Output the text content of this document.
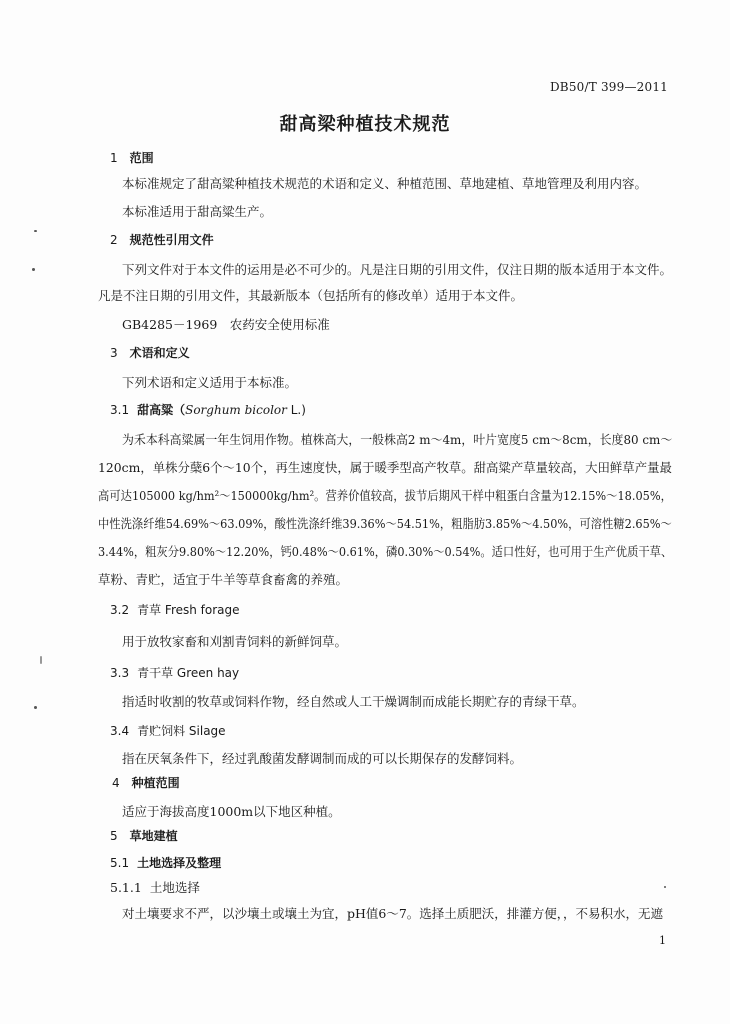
DB50/T 399—2011
甜高梁种植技术规范
1 范围
本标准规定了甜高粱种植技术规范的术语和定义、种植范围、草地建植、草地管理及利用内容。
本标准适用于甜高粱生产。
2 规范性引用文件
下列文件对于本文件的运用是必不可少的。凡是注日期的引用文件，仅注日期的版本适用于本文件。
凡是不注日期的引用文件，其最新版本（包括所有的修改单）适用于本文件。
GB4285－1969　农药安全使用标准
3 术语和定义
下列术语和定义适用于本标准。
3.1 甜高粱（Sorghum bicolor L.)
为禾本科高粱属一年生饲用作物。植株高大，一般株高2 m～4m，叶片宽度5 cm～8cm，长度80 cm～
120cm，单株分蘖6个～10个，再生速度快，属于暖季型高产牧草。甜高粱产草量较高，大田鲜草产量最
高可达105000 kg/hm²～150000kg/hm²。营养价值较高，拔节后期风干样中粗蛋白含量为12.15%～18.05%，
中性洗涤纤维54.69%～63.09%，酸性洗涤纤维39.36%～54.51%，粗脂肪3.85%～4.50%，可溶性糖2.65%～
3.44%，粗灰分9.80%～12.20%，钙0.48%～0.61%，磷0.30%～0.54%。适口性好，也可用于生产优质干草、
草粉、青贮，适宜于牛羊等草食畜禽的养殖。
3.2 青草 Fresh forage
用于放牧家畜和刈割青饲料的新鲜饲草。
3.3 青干草 Green hay
指适时收割的牧草或饲料作物，经自然或人工干燥调制而成能长期贮存的青绿干草。
3.4 青贮饲料 Silage
指在厌氧条件下，经过乳酸菌发酵调制而成的可以长期保存的发酵饲料。
4 种植范围
适应于海拔高度1000m以下地区种植。
5 草地建植
5.1 土地选择及整理
5.1.1 土地选择
对土壤要求不严，以沙壤土或壤土为宜，pH值6～7。选择土质肥沃，排灌方便，，不易积水，无遮
1
